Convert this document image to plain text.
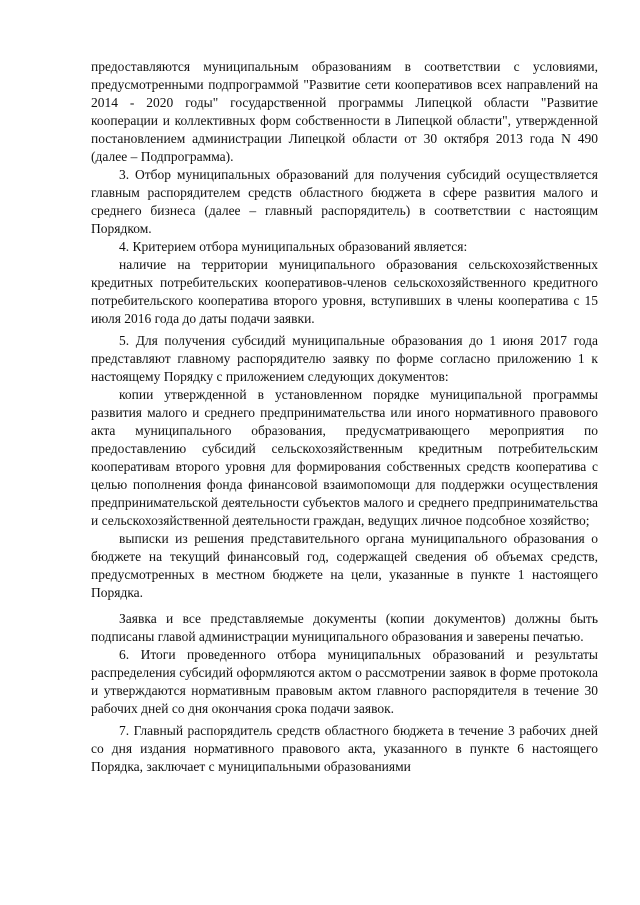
предоставляются муниципальным образованиям в соответствии с условиями, предусмотренными подпрограммой "Развитие сети кооперативов всех направлений на 2014 - 2020 годы" государственной программы Липецкой области "Развитие кооперации и коллективных форм собственности в Липецкой области", утвержденной постановлением администрации Липецкой области от 30 октября 2013 года N 490 (далее – Подпрограмма).

3. Отбор муниципальных образований для получения субсидий осуществляется главным распорядителем средств областного бюджета в сфере развития малого и среднего бизнеса (далее – главный распорядитель) в соответствии с настоящим Порядком.

4. Критерием отбора муниципальных образований является:

наличие на территории муниципального образования сельскохозяйственных кредитных потребительских кооперативов-членов сельскохозяйственного кредитного потребительского кооператива второго уровня, вступивших в члены кооператива с 15 июля 2016 года до даты подачи заявки.

5. Для получения субсидий муниципальные образования до 1 июня 2017 года представляют главному распорядителю заявку по форме согласно приложению 1 к настоящему Порядку с приложением следующих документов:

копии утвержденной в установленном порядке муниципальной программы развития малого и среднего предпринимательства или иного нормативного правового акта муниципального образования, предусматривающего мероприятия по предоставлению субсидий сельскохозяйственным кредитным потребительским кооперативам второго уровня для формирования собственных средств кооператива с целью пополнения фонда финансовой взаимопомощи для поддержки осуществления предпринимательской деятельности субъектов малого и среднего предпринимательства и сельскохозяйственной деятельности граждан, ведущих личное подсобное хозяйство;

выписки из решения представительного органа муниципального образования о бюджете на текущий финансовый год, содержащей сведения об объемах средств, предусмотренных в местном бюджете на цели, указанные в пункте 1 настоящего Порядка.

Заявка и все представляемые документы (копии документов) должны быть подписаны главой администрации муниципального образования и заверены печатью.

6. Итоги проведенного отбора муниципальных образований и результаты распределения субсидий оформляются актом о рассмотрении заявок в форме протокола и утверждаются нормативным правовым актом главного распорядителя в течение 30 рабочих дней со дня окончания срока подачи заявок.

7. Главный распорядитель средств областного бюджета в течение 3 рабочих дней со дня издания нормативного правового акта, указанного в пункте 6 настоящего Порядка, заключает с муниципальными образованиями
